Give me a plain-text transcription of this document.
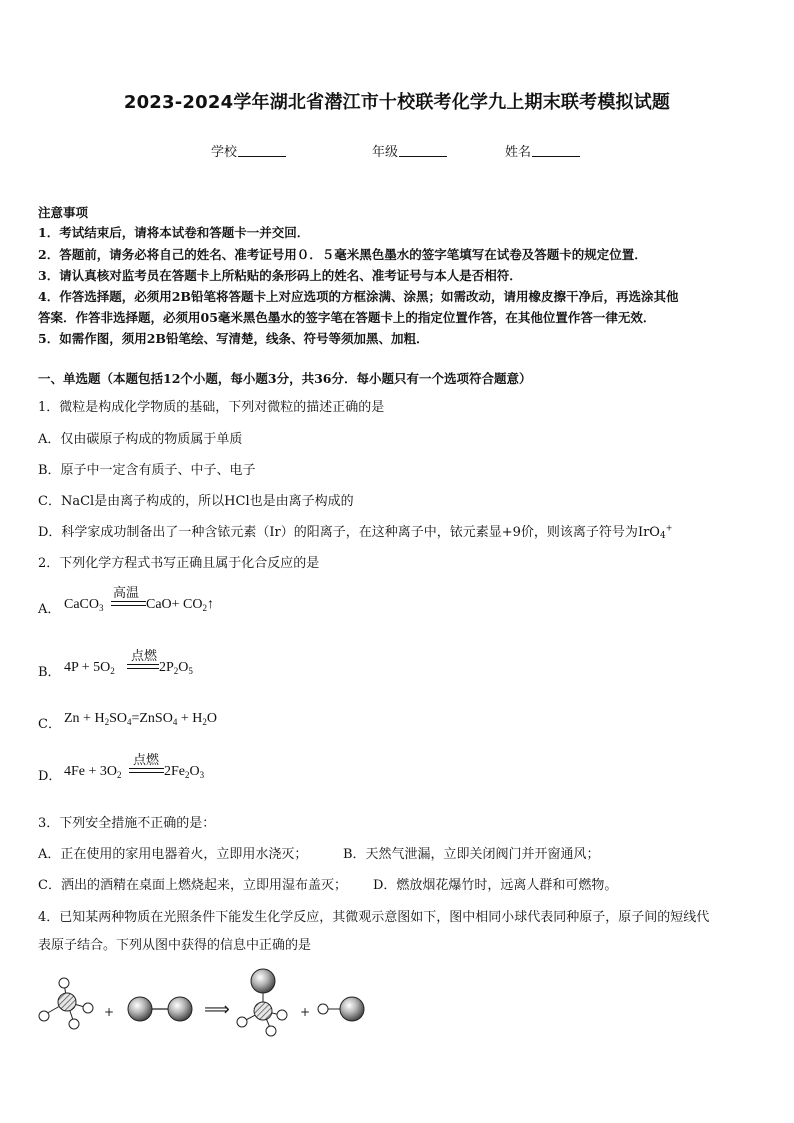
2023-2024学年湖北省潜江市十校联考化学九上期末联考模拟试题
学校	年级	姓名
注意事项
1．考试结束后，请将本试卷和答题卡一并交回．
2．答题前，请务必将自己的姓名、准考证号用０．５毫米黑色墨水的签字笔填写在试卷及答题卡的规定位置．
3．请认真核对监考员在答题卡上所粘贴的条形码上的姓名、准考证号与本人是否相符．
4．作答选择题，必须用2B铅笔将答题卡上对应选项的方框涂满、涂黑；如需改动，请用橡皮擦干净后，再选涂其他
答案．作答非选择题，必须用05毫米黑色墨水的签字笔在答题卡上的指定位置作答，在其他位置作答一律无效．
5．如需作图，须用2B铅笔绘、写清楚，线条、符号等须加黑、加粗．
一、单选题（本题包括12个小题，每小题3分，共36分．每小题只有一个选项符合题意）
1．微粒是构成化学物质的基础，下列对微粒的描述正确的是
A．仅由碳原子构成的物质属于单质
B．原子中一定含有质子、中子、电子
C．NaCl是由离子构成的，所以HCl也是由离子构成的
D．科学家成功制备出了一种含铱元素（Ir）的阳离子，在这种离子中，铱元素显+9价，则该离子符号为IrO$_4$+
2．下列化学方程式书写正确且属于化合反应的是
A． CaCO$_3$
高温
$CaO+ CO_2↑$
B． $4P + 5O_2$
点燃
$2P_2O_5$
C． $Zn + H_2SO_4=ZnSO_4 + H_2O$
D． $4Fe + 3O_2$
点燃
$2Fe_2O_3$
3．下列安全措施不正确的是：
A．正在使用的家用电器着火，立即用水浇灭；	B．天然气泄漏，立即关闭阀门并开窗通风；
C．洒出的酒精在桌面上燃烧起来，立即用湿布盖灭； D．燃放烟花爆竹时，远离人群和可燃物。
4．已知某两种物质在光照条件下能发生化学反应，其微观示意图如下，图中相同小球代表同种原子，原子间的短线代
表原子结合。下列从图中获得的信息中正确的是
+	⟹	+
